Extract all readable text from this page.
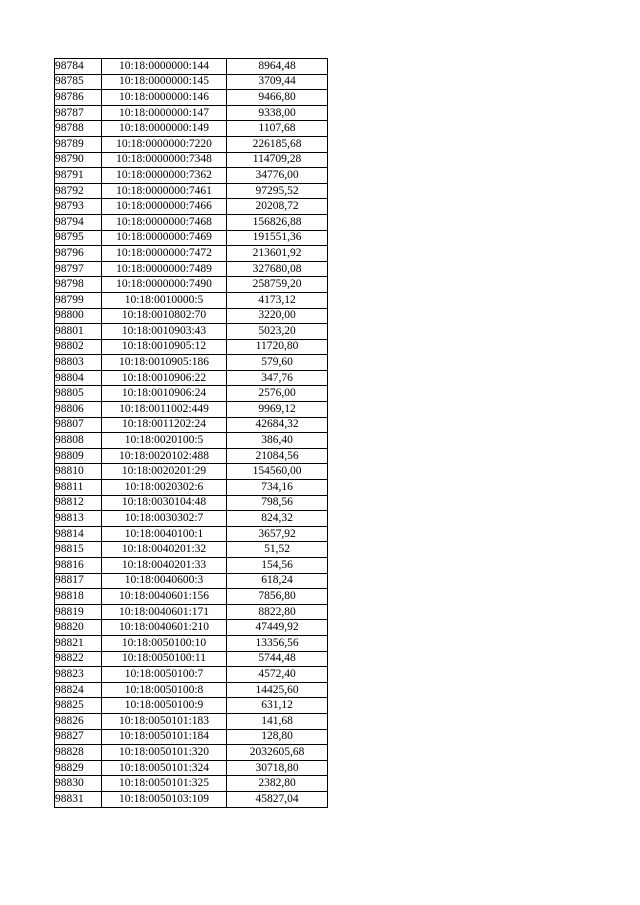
98784	10:18:0000000:144	8964,48
98785	10:18:0000000:145	3709,44
98786	10:18:0000000:146	9466,80
98787	10:18:0000000:147	9338,00
98788	10:18:0000000:149	1107,68
98789	10:18:0000000:7220	226185,68
98790	10:18:0000000:7348	114709,28
98791	10:18:0000000:7362	34776,00
98792	10:18:0000000:7461	97295,52
98793	10:18:0000000:7466	20208,72
98794	10:18:0000000:7468	156826,88
98795	10:18:0000000:7469	191551,36
98796	10:18:0000000:7472	213601,92
98797	10:18:0000000:7489	327680,08
98798	10:18:0000000:7490	258759,20
98799	10:18:0010000:5	4173,12
98800	10:18:0010802:70	3220,00
98801	10:18:0010903:43	5023,20
98802	10:18:0010905:12	11720,80
98803	10:18:0010905:186	579,60
98804	10:18:0010906:22	347,76
98805	10:18:0010906:24	2576,00
98806	10:18:0011002:449	9969,12
98807	10:18:0011202:24	42684,32
98808	10:18:0020100:5	386,40
98809	10:18:0020102:488	21084,56
98810	10:18:0020201:29	154560,00
98811	10:18:0020302:6	734,16
98812	10:18:0030104:48	798,56
98813	10:18:0030302:7	824,32
98814	10:18:0040100:1	3657,92
98815	10:18:0040201:32	51,52
98816	10:18:0040201:33	154,56
98817	10:18:0040600:3	618,24
98818	10:18:0040601:156	7856,80
98819	10:18:0040601:171	8822,80
98820	10:18:0040601:210	47449,92
98821	10:18:0050100:10	13356,56
98822	10:18:0050100:11	5744,48
98823	10:18:0050100:7	4572,40
98824	10:18:0050100:8	14425,60
98825	10:18:0050100:9	631,12
98826	10:18:0050101:183	141,68
98827	10:18:0050101:184	128,80
98828	10:18:0050101:320	2032605,68
98829	10:18:0050101:324	30718,80
98830	10:18:0050101:325	2382,80
98831	10:18:0050103:109	45827,04
